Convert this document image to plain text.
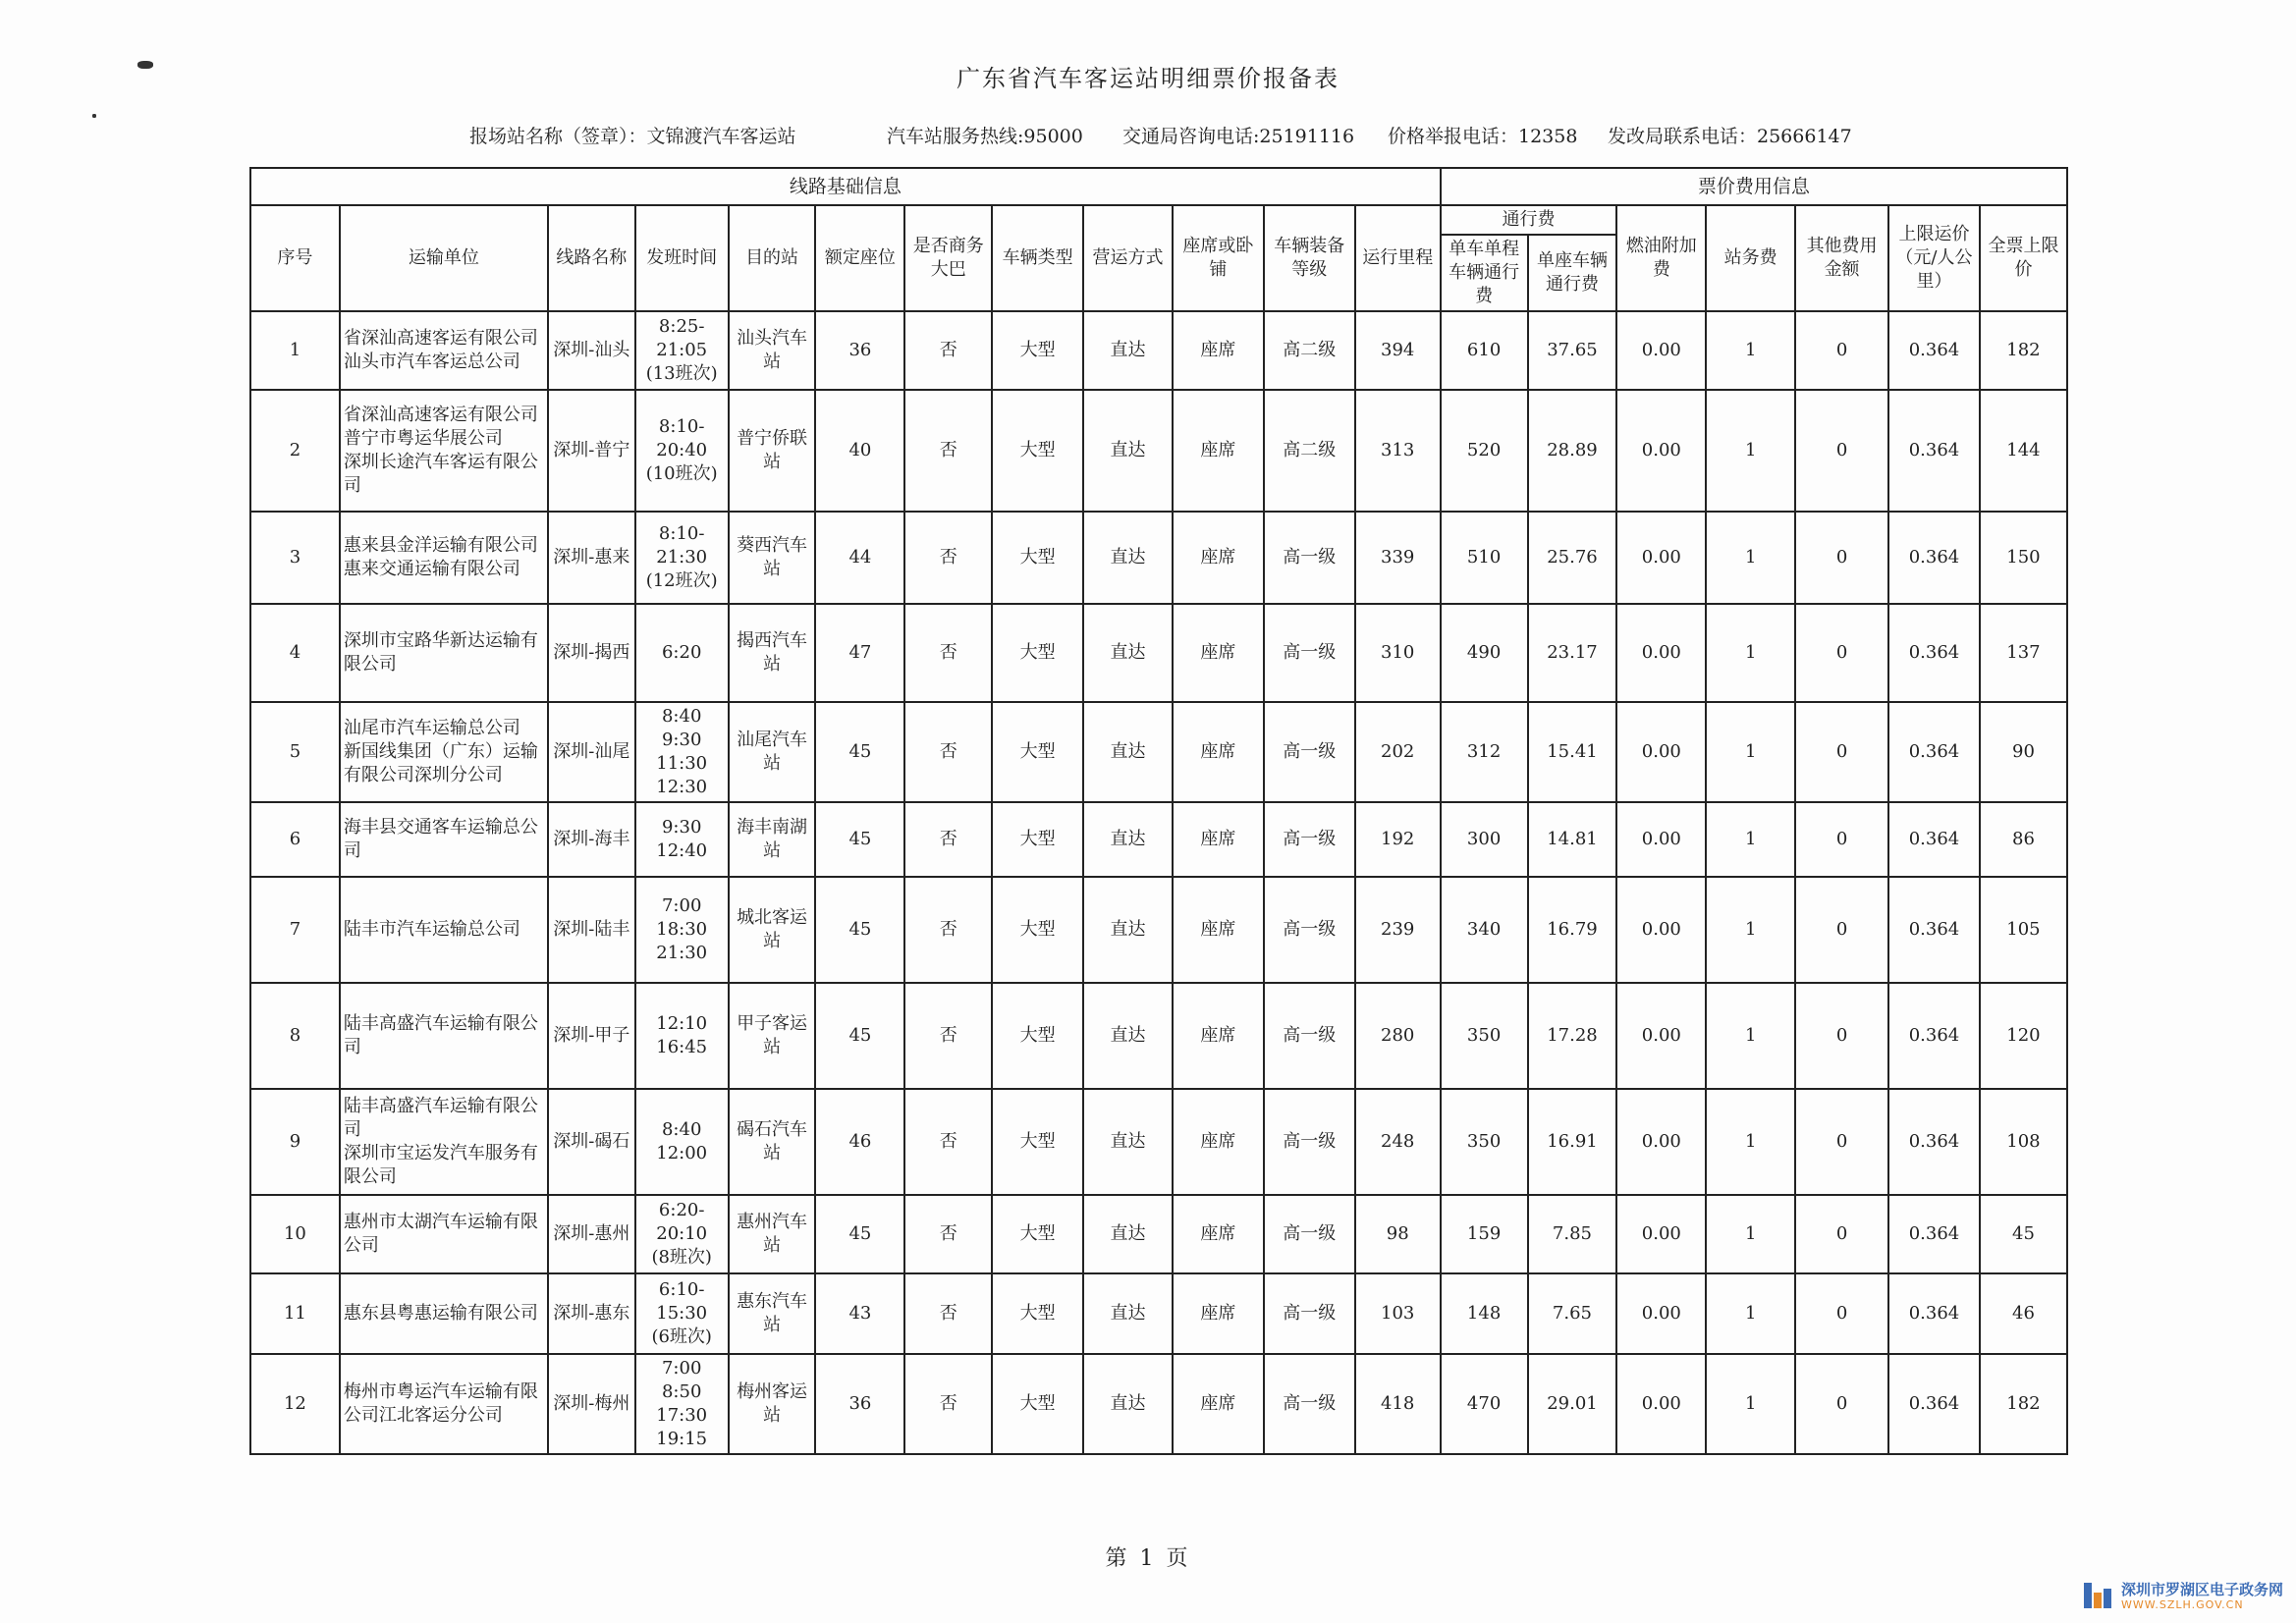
广东省汽车客运站明细票价报备表
报场站名称（签章）：文锦渡汽车客运站	汽车站服务热线:95000 交通局咨询电话:25191116 价格举报电话：12358 发改局联系电话：25666147
线路基础信息												票价费用信息						
序号	运输单位	线路名称	发班时间	目的站	额定座位	是否商务大巴	车辆类型	营运方式	座席或卧铺	车辆装备等级	运行里程	通行费		燃油附加费	站务费	其他费用金额	上限运价（元/人公里）	全票上限价
												单车单程车辆通行费	单座车辆通行费					
1	省深汕高速客运有限公司
汕头市汽车客运总公司	深圳-汕头	8:25-
21:05
(13班次)	汕头汽车站	36	否	大型	直达	座席	高二级	394	610	37.65	0.00	1	0	0.364	182
2	省深汕高速客运有限公司
普宁市粤运华展公司
深圳长途汽车客运有限公司	深圳-普宁	8:10-
20:40
(10班次)	普宁侨联站	40	否	大型	直达	座席	高二级	313	520	28.89	0.00	1	0	0.364	144
3	惠来县金洋运输有限公司
惠来交通运输有限公司	深圳-惠来	8:10-
21:30
(12班次)	葵西汽车站	44	否	大型	直达	座席	高一级	339	510	25.76	0.00	1	0	0.364	150
4	深圳市宝路华新达运输有限公司	深圳-揭西	6:20	揭西汽车站	47	否	大型	直达	座席	高一级	310	490	23.17	0.00	1	0	0.364	137
5	汕尾市汽车运输总公司
新国线集团（广东）运输有限公司深圳分公司	深圳-汕尾	8:40
9:30
11:30
12:30	汕尾汽车站	45	否	大型	直达	座席	高一级	202	312	15.41	0.00	1	0	0.364	90
6	海丰县交通客车运输总公司	深圳-海丰	9:30
12:40	海丰南湖站	45	否	大型	直达	座席	高一级	192	300	14.81	0.00	1	0	0.364	86
7	陆丰市汽车运输总公司	深圳-陆丰	7:00
18:30
21:30	城北客运站	45	否	大型	直达	座席	高一级	239	340	16.79	0.00	1	0	0.364	105
8	陆丰高盛汽车运输有限公司	深圳-甲子	12:10
16:45	甲子客运站	45	否	大型	直达	座席	高一级	280	350	17.28	0.00	1	0	0.364	120
9	陆丰高盛汽车运输有限公司
深圳市宝运发汽车服务有限公司	深圳-碣石	8:40
12:00	碣石汽车站	46	否	大型	直达	座席	高一级	248	350	16.91	0.00	1	0	0.364	108
10	惠州市太湖汽车运输有限公司	深圳-惠州	6:20-
20:10
(8班次)	惠州汽车站	45	否	大型	直达	座席	高一级	98	159	7.85	0.00	1	0	0.364	45
11	惠东县粤惠运输有限公司	深圳-惠东	6:10-
15:30
(6班次)	惠东汽车站	43	否	大型	直达	座席	高一级	103	148	7.65	0.00	1	0	0.364	46
12	梅州市粤运汽车运输有限公司江北客运分公司	深圳-梅州	7:00
8:50
17:30
19:15	梅州客运站	36	否	大型	直达	座席	高一级	418	470	29.01	0.00	1	0	0.364	182
第 1 页
深圳市罗湖区电子政务网
WWW.SZLH.GOV.CN
